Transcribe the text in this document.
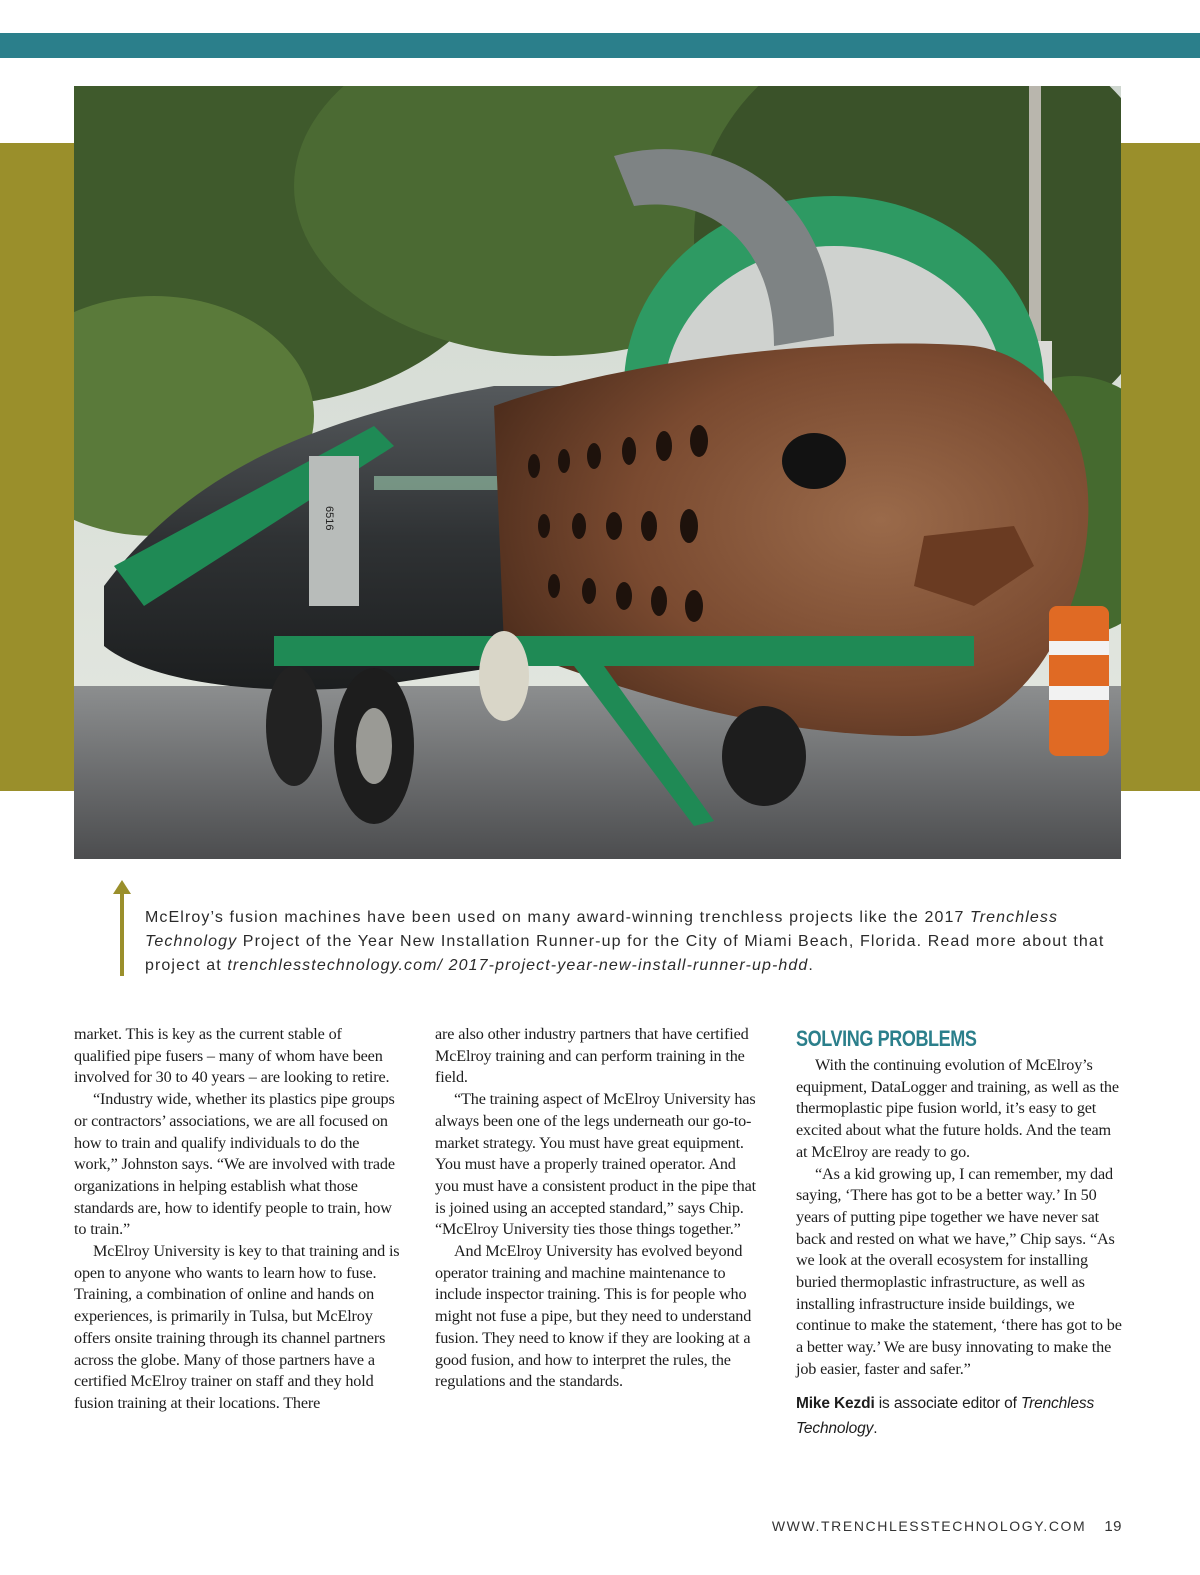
6516
McElroy’s fusion machines have been used on many award-winning trenchless projects like the 2017 Trenchless Technology Project of the Year New Installation Runner-up for the City of Miami Beach, Florida. Read more about that project at trenchlesstechnology.com/ 2017-project-year-new-install-runner-up-hdd.

market. This is key as the current stable of qualified pipe fusers – many of whom have been involved for 30 to 40 years – are looking to retire.

“Industry wide, whether its plastics pipe groups or contractors’ associations, we are all focused on how to train and qualify individuals to do the work,” Johnston says. “We are involved with trade organizations in helping establish what those standards are, how to identify people to train, how to train.”

McElroy University is key to that training and is open to anyone who wants to learn how to fuse. Training, a combination of online and hands on experiences, is primarily in Tulsa, but McElroy offers onsite training through its channel partners across the globe. Many of those partners have a certified McElroy trainer on staff and they hold fusion training at their locations. There

are also other industry partners that have certified McElroy training and can perform training in the field.

“The training aspect of McElroy University has always been one of the legs underneath our go-to-market strategy. You must have great equipment. You must have a properly trained operator. And you must have a consistent product in the pipe that is joined using an accepted standard,” says Chip. “McElroy University ties those things together.”

And McElroy University has evolved beyond operator training and machine maintenance to include inspector training. This is for people who might not fuse a pipe, but they need to understand fusion. They need to know if they are looking at a good fusion, and how to interpret the rules, the regulations and the standards.

SOLVING PROBLEMS

With the continuing evolution of McElroy’s equipment, DataLogger and training, as well as the thermoplastic pipe fusion world, it’s easy to get excited about what the future holds. And the team at McElroy are ready to go.

“As a kid growing up, I can remember, my dad saying, ‘There has got to be a better way.’ In 50 years of putting pipe together we have never sat back and rested on what we have,” Chip says. “As we look at the overall ecosystem for installing buried thermoplastic infrastructure, as well as installing infrastructure inside buildings, we continue to make the statement, ‘there has got to be a better way.’ We are busy innovating to make the job easier, faster and safer.”

Mike Kezdi is associate editor of Trenchless Technology.
WWW.TRENCHLESSTECHNOLOGY.COM 19
